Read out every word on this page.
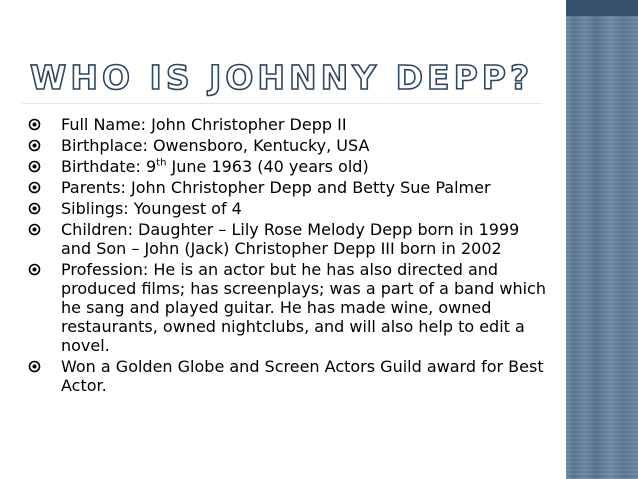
WHO IS JOHNNY DEPP?
Full Name: John Christopher Depp II
Birthplace: Owensboro, Kentucky, USA
Birthdate: 9th June 1963 (40 years old)
Parents: John Christopher Depp and Betty Sue Palmer
Siblings: Youngest of 4
Children: Daughter – Lily Rose Melody Depp born in 1999 and Son – John (Jack) Christopher Depp III born in 2002
Profession: He is an actor but he has also directed and produced films; has screenplays; was a part of a band which he sang and played guitar. He has made wine, owned restaurants, owned nightclubs, and will also help to edit a novel.
Won a Golden Globe and Screen Actors Guild award for Best Actor.
